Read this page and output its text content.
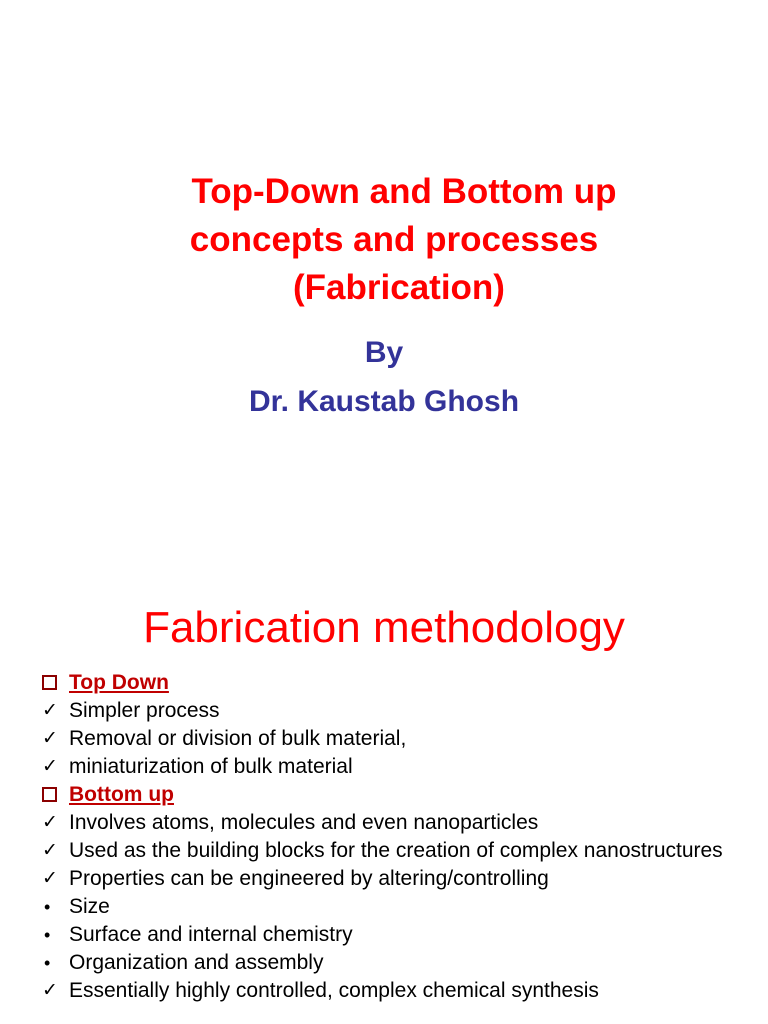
Top-Down and Bottom up
concepts and processes
(Fabrication)
By
Dr. Kaustab Ghosh
Fabrication methodology
Top Down
✓ Simpler process
✓ Removal or division of bulk material,
✓ miniaturization of bulk material
Bottom up
✓ Involves atoms, molecules and even nanoparticles
✓ Used as the building blocks for the creation of complex nanostructures
✓ Properties can be engineered by altering/controlling
• Size
• Surface and internal chemistry
• Organization and assembly
✓ Essentially highly controlled, complex chemical synthesis
